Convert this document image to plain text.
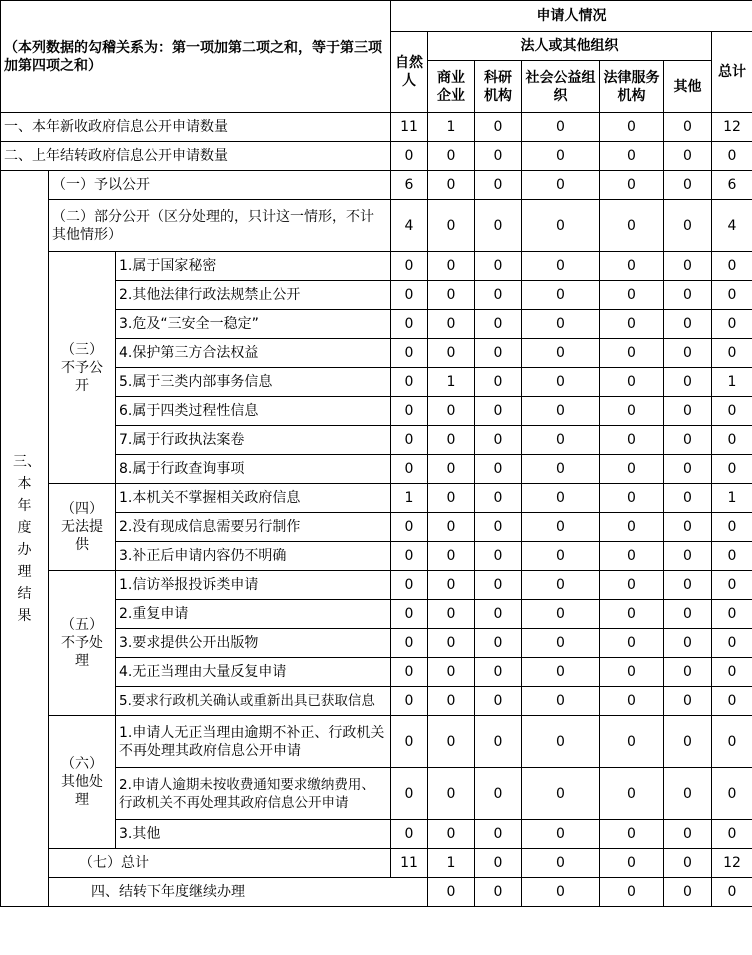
（本列数据的勾稽关系为：第一项加第二项之和，等于第三项加第四项之和）			申请人情况							
			自然人	法人或其他组织					总计	
				商业企业	科研机构	社会公益组织	法律服务机构	其他		
一、本年新收政府信息公开申请数量			11	1	0	0	0	0	12	
二、上年结转政府信息公开申请数量			0	0	0	0	0	0	0	
三、本年度办理结果	（一）予以公开		6	0	0	0	0	0	6	
	（二）部分公开（区分处理的，只计这一情形，不计其他情形）		4	0	0	0	0	0	4	
	（三）不予公开	1.属于国家秘密	0	0	0	0	0	0	0	
		2.其他法律行政法规禁止公开	0	0	0	0	0	0	0	
		3.危及“三安全一稳定”	0	0	0	0	0	0	0	
		4.保护第三方合法权益	0	0	0	0	0	0	0	
		5.属于三类内部事务信息	0	1	0	0	0	0	1	
		6.属于四类过程性信息	0	0	0	0	0	0	0	
		7.属于行政执法案卷	0	0	0	0	0	0	0	
		8.属于行政查询事项	0	0	0	0	0	0	0	
	（四）无法提供	1.本机关不掌握相关政府信息	1	0	0	0	0	0	1	
		2.没有现成信息需要另行制作	0	0	0	0	0	0	0	
		3.补正后申请内容仍不明确	0	0	0	0	0	0	0	
	（五）不予处理	1.信访举报投诉类申请	0	0	0	0	0	0	0	
		2.重复申请	0	0	0	0	0	0	0	
		3.要求提供公开出版物	0	0	0	0	0	0	0	
		4.无正当理由大量反复申请	0	0	0	0	0	0	0	
		5.要求行政机关确认或重新出具已获取信息	0	0	0	0	0	0	0	
	（六）其他处理	1.申请人无正当理由逾期不补正、行政机关不再处理其政府信息公开申请	0	0	0	0	0	0	0	
		2.申请人逾期未按收费通知要求缴纳费用、行政机关不再处理其政府信息公开申请	0	0	0	0	0	0	0	
		3.其他	0	0	0	0	0	0	0	
	（七）总计		11	1	0	0	0	0	12	
	四、结转下年度继续办理			0	0	0	0	0	0	
